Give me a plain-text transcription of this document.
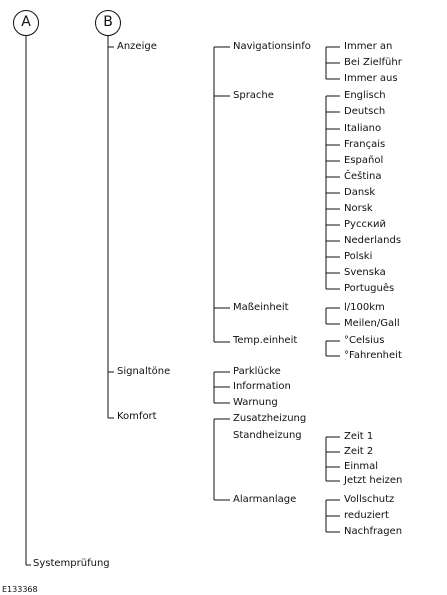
A	B
Systemprüfung
Anzeige
Signaltöne
Komfort
Navigationsinfo
Sprache
Maßeinheit
Temp.einheit
Immer an
Bei Zielführ
Immer aus
Englisch
Deutsch
Italiano
Français
Español
Čeština
Dansk
Norsk
Русский
Nederlands
Polski
Svenska
Português
l/100km
Meilen/Gall
°Celsius
°Fahrenheit
Parklücke
Information
Warnung
Zusatzheizung
Standheizung
Alarmanlage
Zeit 1
Zeit 2
Einmal
Jetzt heizen
Vollschutz
reduziert
Nachfragen
E133368
